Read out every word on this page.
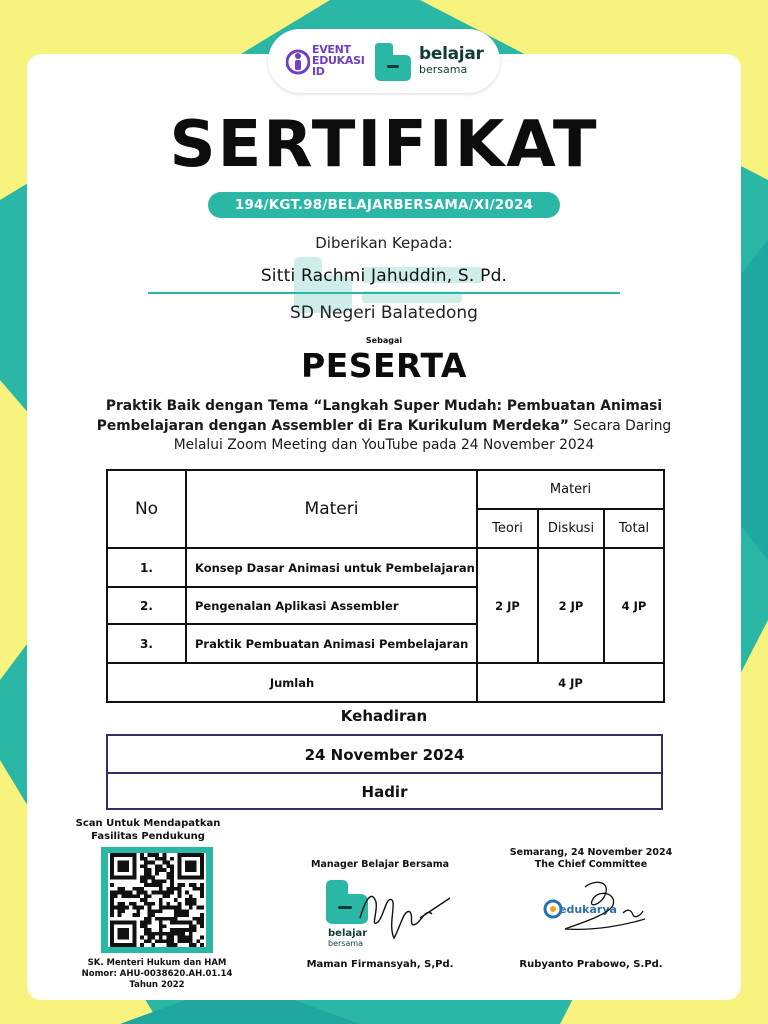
EVENT
EDUKASI
ID
belajar
bersama
SERTIFIKAT
194/KGT.98/BELAJARBERSAMA/XI/2024
Diberikan Kepada:
Sitti Rachmi Jahuddin, S. Pd.
SD Negeri Balatedong
Sebagai
PESERTA
Praktik Baik dengan Tema “Langkah Super Mudah: Pembuatan Animasi Pembelajaran dengan Assembler di Era Kurikulum Merdeka” Secara Daring Melalui Zoom Meeting dan YouTube pada 24 November 2024
No	Materi	Materi		
		Teori	Diskusi	Total
1.	Konsep Dasar Animasi untuk Pembelajaran	2 JP	2 JP	4 JP
2.	Pengenalan Aplikasi Assembler			
3.	Praktik Pembuatan Animasi Pembelajaran			
Jumlah		4 JP		
Kehadiran
24 November 2024
Hadir
Scan Untuk Mendapatkan Fasilitas Pendukung
SK. Menteri Hukum dan HAM
Nomor: AHU-0038620.AH.01.14
Tahun 2022
Manager Belajar Bersama
belajar
bersama
Maman Firmansyah, S,Pd.
Semarang, 24 November 2024
The Chief Committee
edukarya
Rubyanto Prabowo, S.Pd.
